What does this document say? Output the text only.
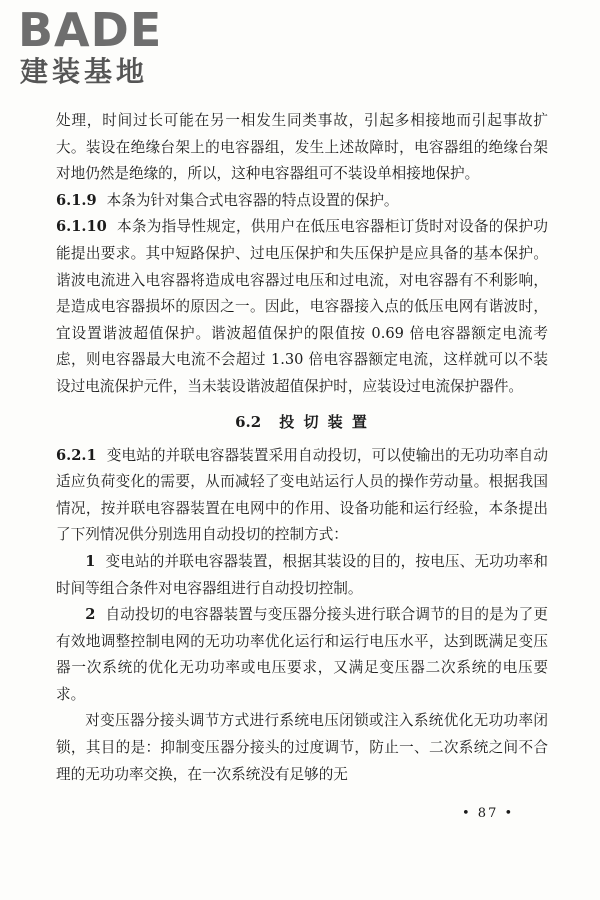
BADE
建装基地

处理，时间过长可能在另一相发生同类事故，引起多相接地而引起事故扩大。装设在绝缘台架上的电容器组，发生上述故障时，电容器组的绝缘台架对地仍然是绝缘的，所以，这种电容器组可不装设单相接地保护。

6.1.9 本条为针对集合式电容器的特点设置的保护。

6.1.10 本条为指导性规定，供用户在低压电容器柜订货时对设备的保护功能提出要求。其中短路保护、过电压保护和失压保护是应具备的基本保护。谐波电流进入电容器将造成电容器过电压和过电流，对电容器有不利影响，是造成电容器损坏的原因之一。因此，电容器接入点的低压电网有谐波时，宜设置谐波超值保护。谐波超值保护的限值按 0.69 倍电容器额定电流考虑，则电容器最大电流不会超过 1.30 倍电容器额定电流，这样就可以不装设过电流保护元件，当未装设谐波超值保护时，应装设过电流保护器件。

6.2 投 切 装 置

6.2.1 变电站的并联电容器装置采用自动投切，可以使输出的无功功率自动适应负荷变化的需要，从而减轻了变电站运行人员的操作劳动量。根据我国情况，按并联电容器装置在电网中的作用、设备功能和运行经验，本条提出了下列情况供分别选用自动投切的控制方式：

1 变电站的并联电容器装置，根据其装设的目的，按电压、无功功率和时间等组合条件对电容器组进行自动投切控制。

2 自动投切的电容器装置与变压器分接头进行联合调节的目的是为了更有效地调整控制电网的无功功率优化运行和运行电压水平，达到既满足变压器一次系统的优化无功功率或电压要求，又满足变压器二次系统的电压要求。

对变压器分接头调节方式进行系统电压闭锁或注入系统优化无功功率闭锁，其目的是：抑制变压器分接头的过度调节，防止一、二次系统之间不合理的无功功率交换，在一次系统没有足够的无

• 87 •
